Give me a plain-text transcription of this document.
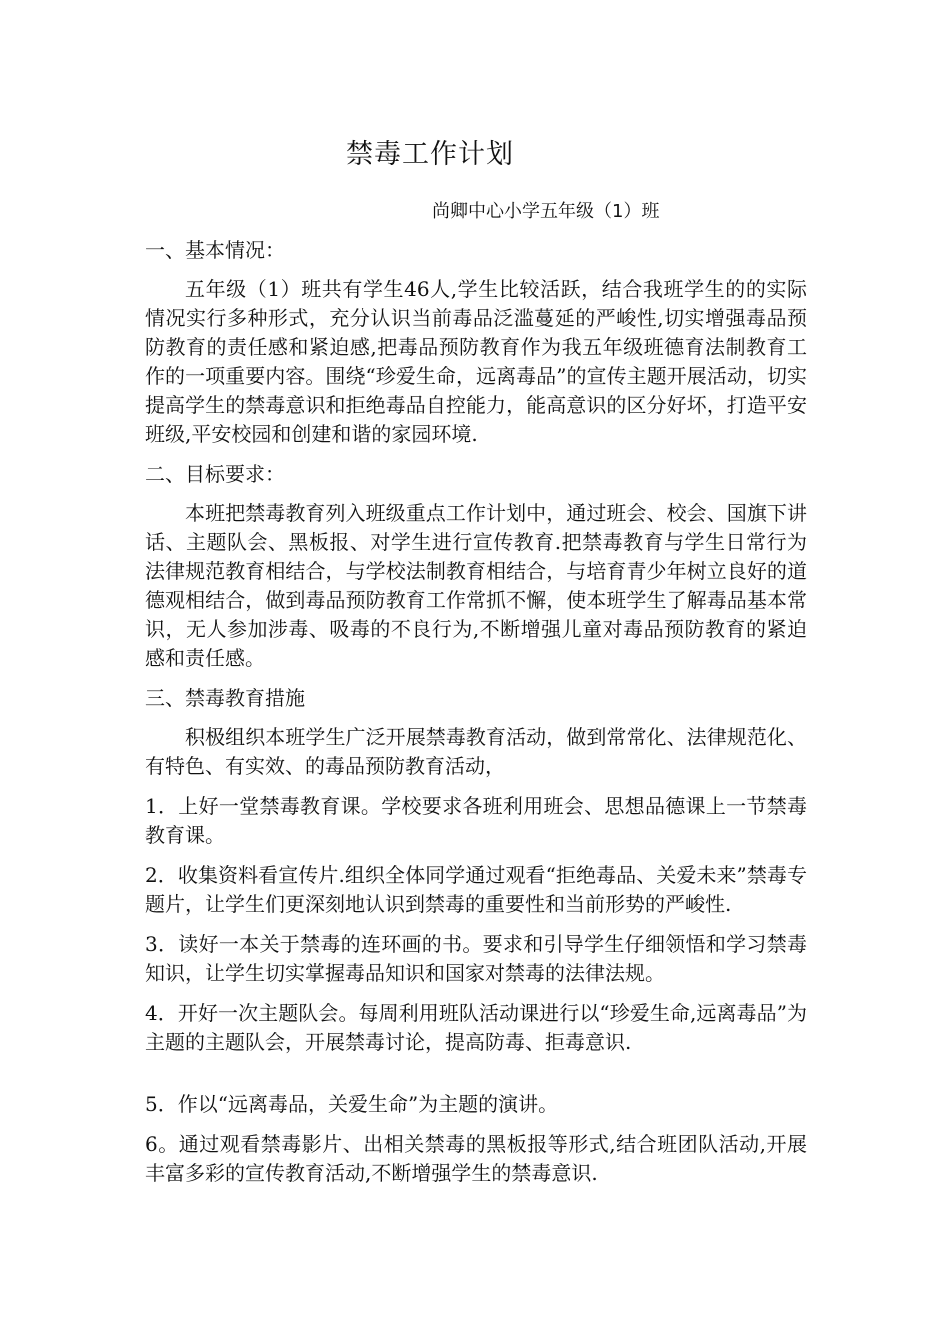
禁毒工作计划
尚卿中心小学五年级（1）班

一、基本情况：

五年级（1）班共有学生46人,学生比较活跃，结合我班学生的的实际情况实行多种形式，充分认识当前毒品泛滥蔓延的严峻性,切实增强毒品预防教育的责任感和紧迫感,把毒品预防教育作为我五年级班德育法制教育工作的一项重要内容。围绕“珍爱生命，远离毒品”的宣传主题开展活动，切实提高学生的禁毒意识和拒绝毒品自控能力，能高意识的区分好坏，打造平安班级,平安校园和创建和谐的家园环境.

二、目标要求：

本班把禁毒教育列入班级重点工作计划中，通过班会、校会、国旗下讲话、主题队会、黑板报、对学生进行宣传教育.把禁毒教育与学生日常行为法律规范教育相结合，与学校法制教育相结合，与培育青少年树立良好的道德观相结合，做到毒品预防教育工作常抓不懈，使本班学生了解毒品基本常识，无人参加涉毒、吸毒的不良行为,不断增强儿童对毒品预防教育的紧迫感和责任感。

三、禁毒教育措施

积极组织本班学生广泛开展禁毒教育活动，做到常常化、法律规范化、有特色、有实效、的毒品预防教育活动，

1．上好一堂禁毒教育课。学校要求各班利用班会、思想品德课上一节禁毒教育课。

2．收集资料看宣传片.组织全体同学通过观看“拒绝毒品、关爱未来”禁毒专题片，让学生们更深刻地认识到禁毒的重要性和当前形势的严峻性.

3．读好一本关于禁毒的连环画的书。要求和引导学生仔细领悟和学习禁毒知识，让学生切实掌握毒品知识和国家对禁毒的法律法规。

4．开好一次主题队会。每周利用班队活动课进行以“珍爱生命,远离毒品”为主题的主题队会，开展禁毒讨论，提高防毒、拒毒意识.

5．作以“远离毒品，关爱生命”为主题的演讲。

6。通过观看禁毒影片、出相关禁毒的黑板报等形式,结合班团队活动,开展丰富多彩的宣传教育活动,不断增强学生的禁毒意识.
